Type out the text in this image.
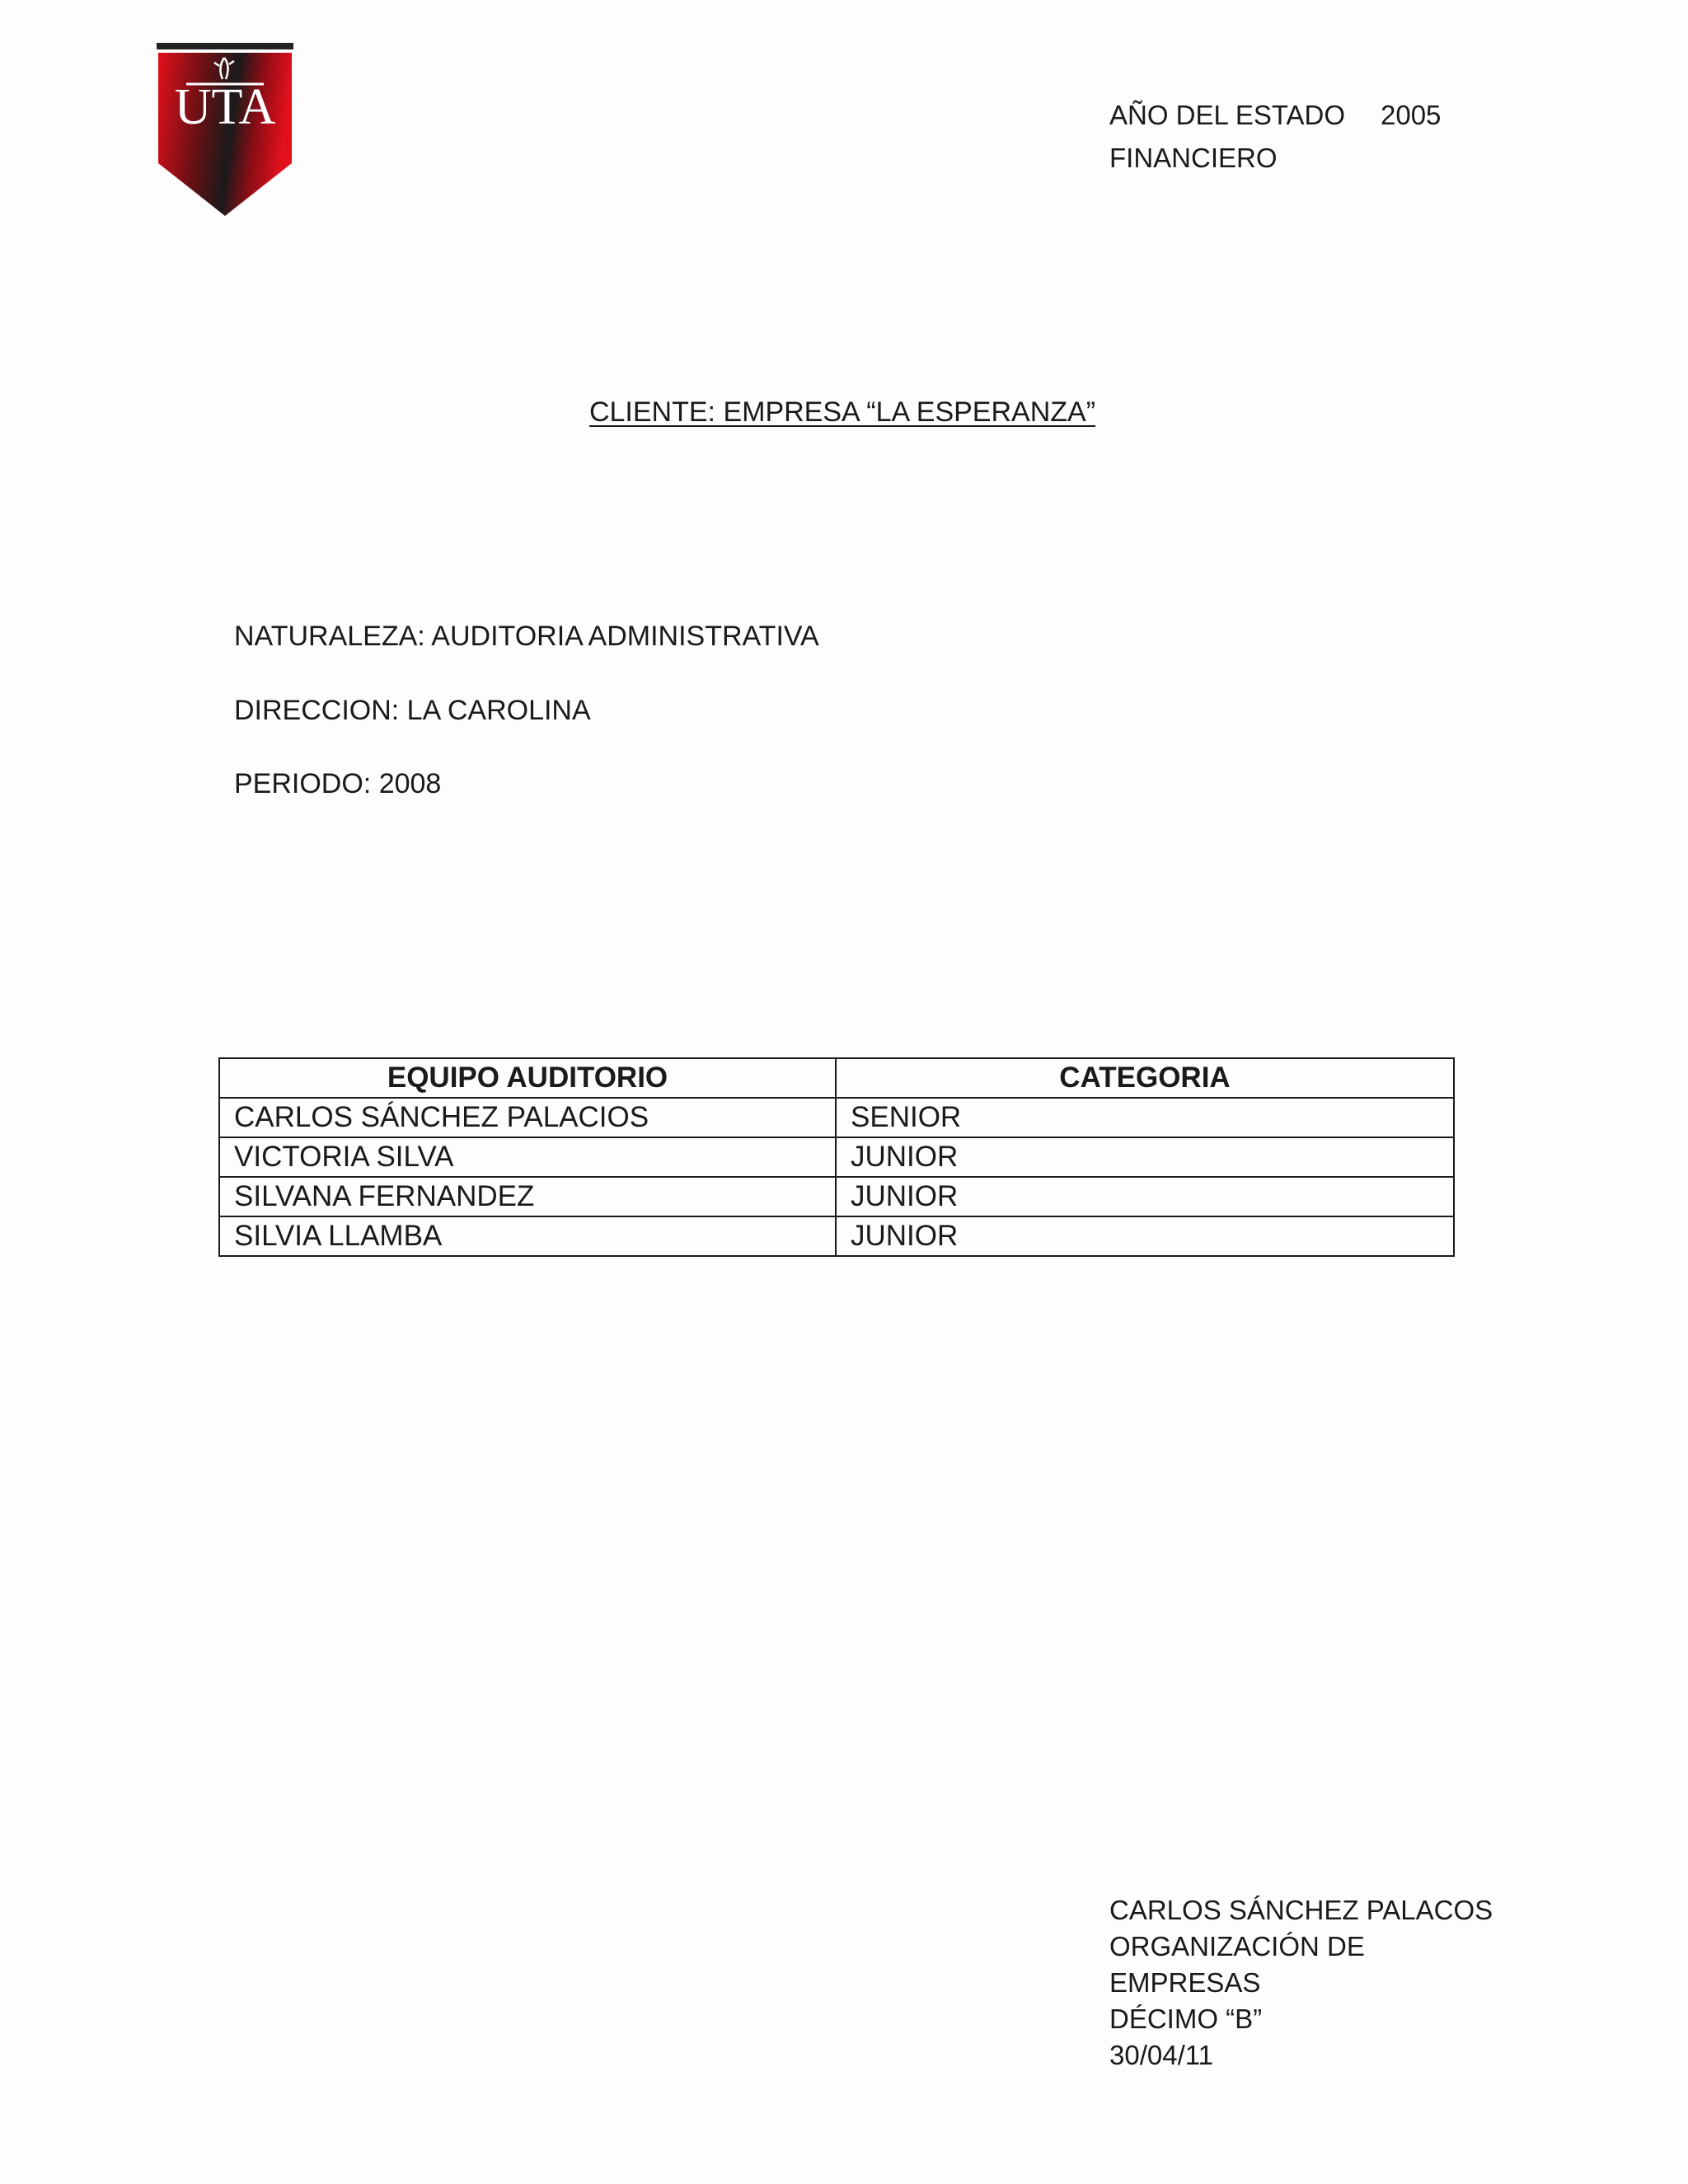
UTA	AÑO DEL ESTADO
FINANCIERO
2005
CLIENTE: EMPRESA “LA ESPERANZA”
NATURALEZA: AUDITORIA ADMINISTRATIVA
DIRECCION: LA CAROLINA
PERIODO: 2008
EQUIPO AUDITORIO	CATEGORIA
CARLOS SÁNCHEZ PALACIOS	SENIOR
VICTORIA SILVA	JUNIOR
SILVANA FERNANDEZ	JUNIOR
SILVIA LLAMBA	JUNIOR
CARLOS SÁNCHEZ PALACOS
ORGANIZACIÓN DE
EMPRESAS
DÉCIMO “B”
30/04/11
